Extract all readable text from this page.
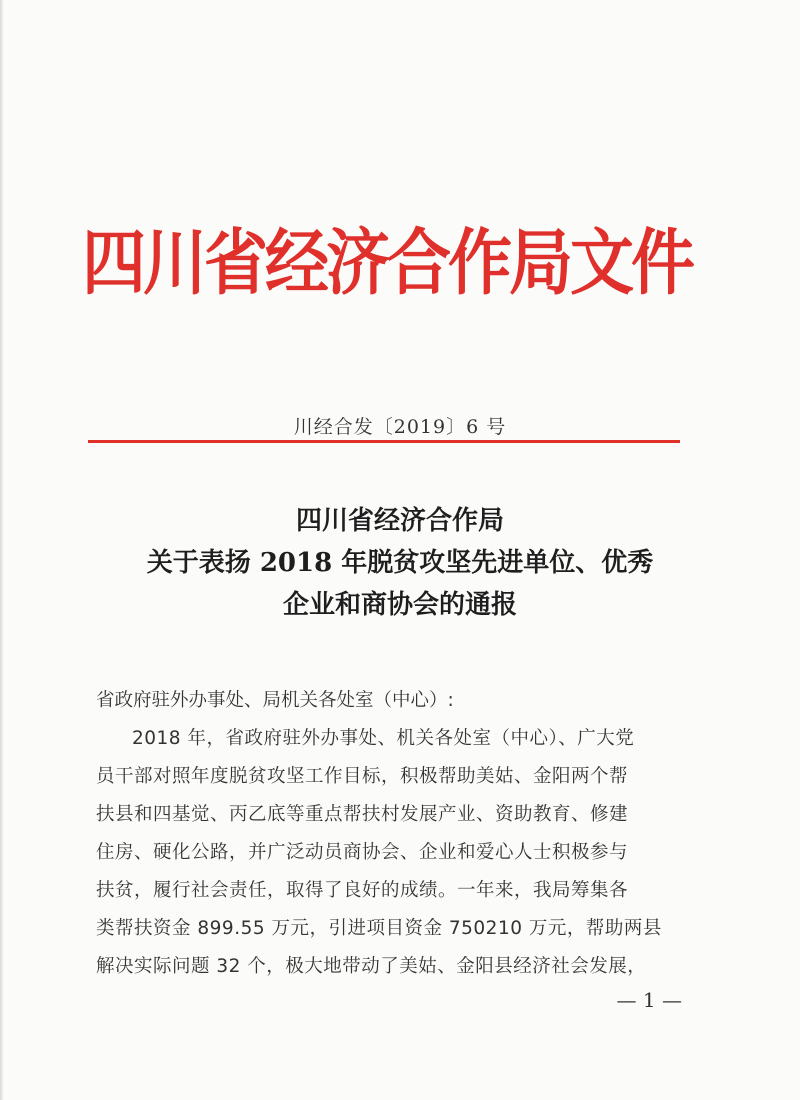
四川省经济合作局文件
川经合发〔2019〕6 号
四川省经济合作局
关于表扬 2018 年脱贫攻坚先进单位、优秀
企业和商协会的通报
省政府驻外办事处、局机关各处室（中心）:
2018 年，省政府驻外办事处、机关各处室（中心）、广大党
员干部对照年度脱贫攻坚工作目标，积极帮助美姑、金阳两个帮
扶县和四基觉、丙乙底等重点帮扶村发展产业、资助教育、修建
住房、硬化公路，并广泛动员商协会、企业和爱心人士积极参与
扶贫，履行社会责任，取得了良好的成绩。一年来，我局筹集各
类帮扶资金 899.55 万元，引进项目资金 750210 万元，帮助两县
解决实际问题 32 个，极大地带动了美姑、金阳县经济社会发展，
— 1 —
